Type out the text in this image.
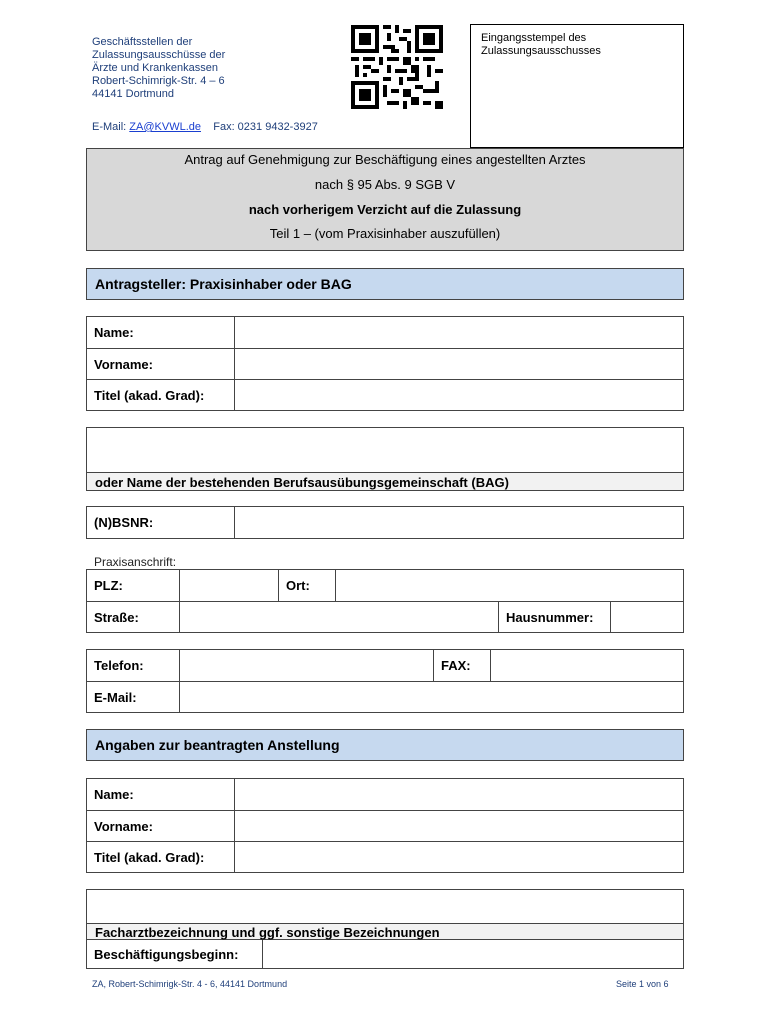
Geschäftsstellen der
Zulassungsausschüsse der
Ärzte und Krankenkassen
Robert-Schimrigk-Str. 4 – 6
44141 Dortmund
E-Mail: ZA@KVWL.de Fax: 0231 9432-3927
Eingangsstempel des
Zulassungsausschusses
Antrag auf Genehmigung zur Beschäftigung eines angestellten Arztes
nach § 95 Abs. 9 SGB V
nach vorherigem Verzicht auf die Zulassung
Teil 1 – (vom Praxisinhaber auszufüllen)
Antragsteller: Praxisinhaber oder BAG
Name:
Vorname:
Titel (akad. Grad):
oder Name der bestehenden Berufsausübungsgemeinschaft (BAG)
(N)BSNR:
Praxisanschrift:
PLZ:	Ort:
Straße:	Hausnummer:
Telefon:	FAX:
E-Mail:
Angaben zur beantragten Anstellung
Name:
Vorname:
Titel (akad. Grad):
Facharztbezeichnung und ggf. sonstige Bezeichnungen
Beschäftigungsbeginn:
ZA, Robert-Schimrigk-Str. 4 - 6, 44141 Dortmund	Seite 1 von 6
